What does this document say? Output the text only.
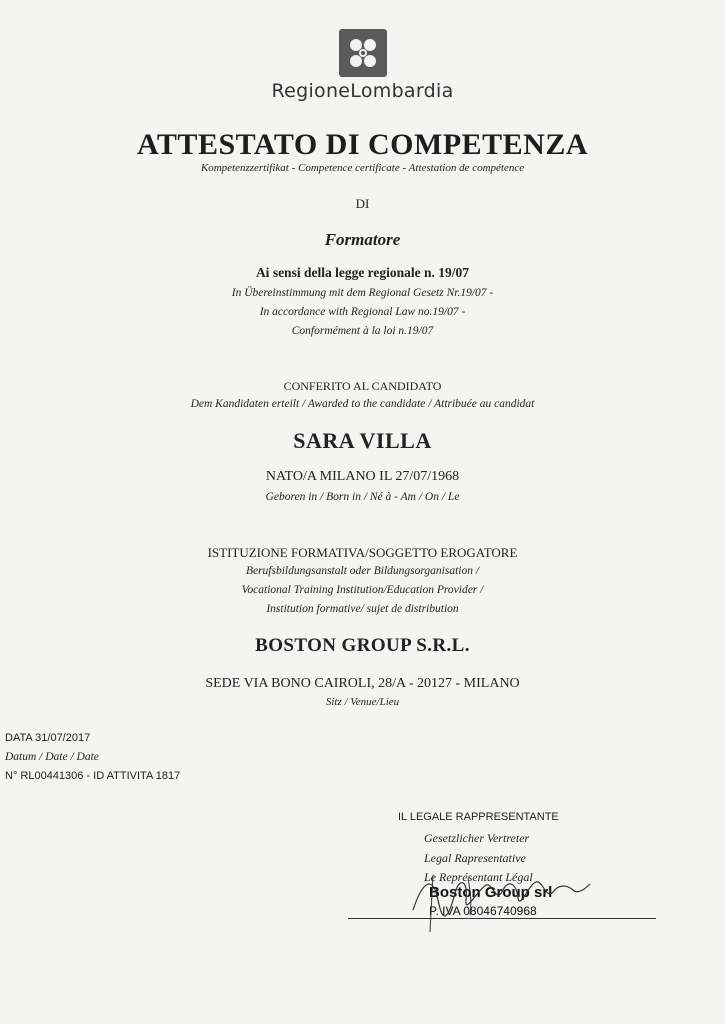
RegioneLombardia
ATTESTATO DI COMPETENZA
Kompetenzzertifikat - Competence certificate - Attestation de compétence
DI
Formatore
Ai sensi della legge regionale n. 19/07
In Übereinstimmung mit dem Regional Gesetz Nr.19/07 -
In accordance with Regional Law no.19/07 -
Conformément à la loi n.19/07
CONFERITO AL CANDIDATO
Dem Kandidaten erteilt / Awarded to the candidate / Attribuée au candidat
SARA VILLA
NATO/A MILANO IL 27/07/1968
Geboren in / Born in / Né à - Am / On / Le
ISTITUZIONE FORMATIVA/SOGGETTO EROGATORE
Berufsbildungsanstalt oder Bildungsorganisation /
Vocational Training Institution/Education Provider /
Institution formative/ sujet de distribution
BOSTON GROUP S.R.L.
SEDE VIA BONO CAIROLI, 28/A - 20127 - MILANO
Sitz / Venue/Lieu
DATA 31/07/2017
Datum / Date / Date
N° RL00441306 - ID ATTIVITA 1817
IL LEGALE RAPPRESENTANTE
Gesetzlicher Vertreter
Legal Rapresentative
Le Représentant Légal
Boston Group srl
P. IVA 08046740968
